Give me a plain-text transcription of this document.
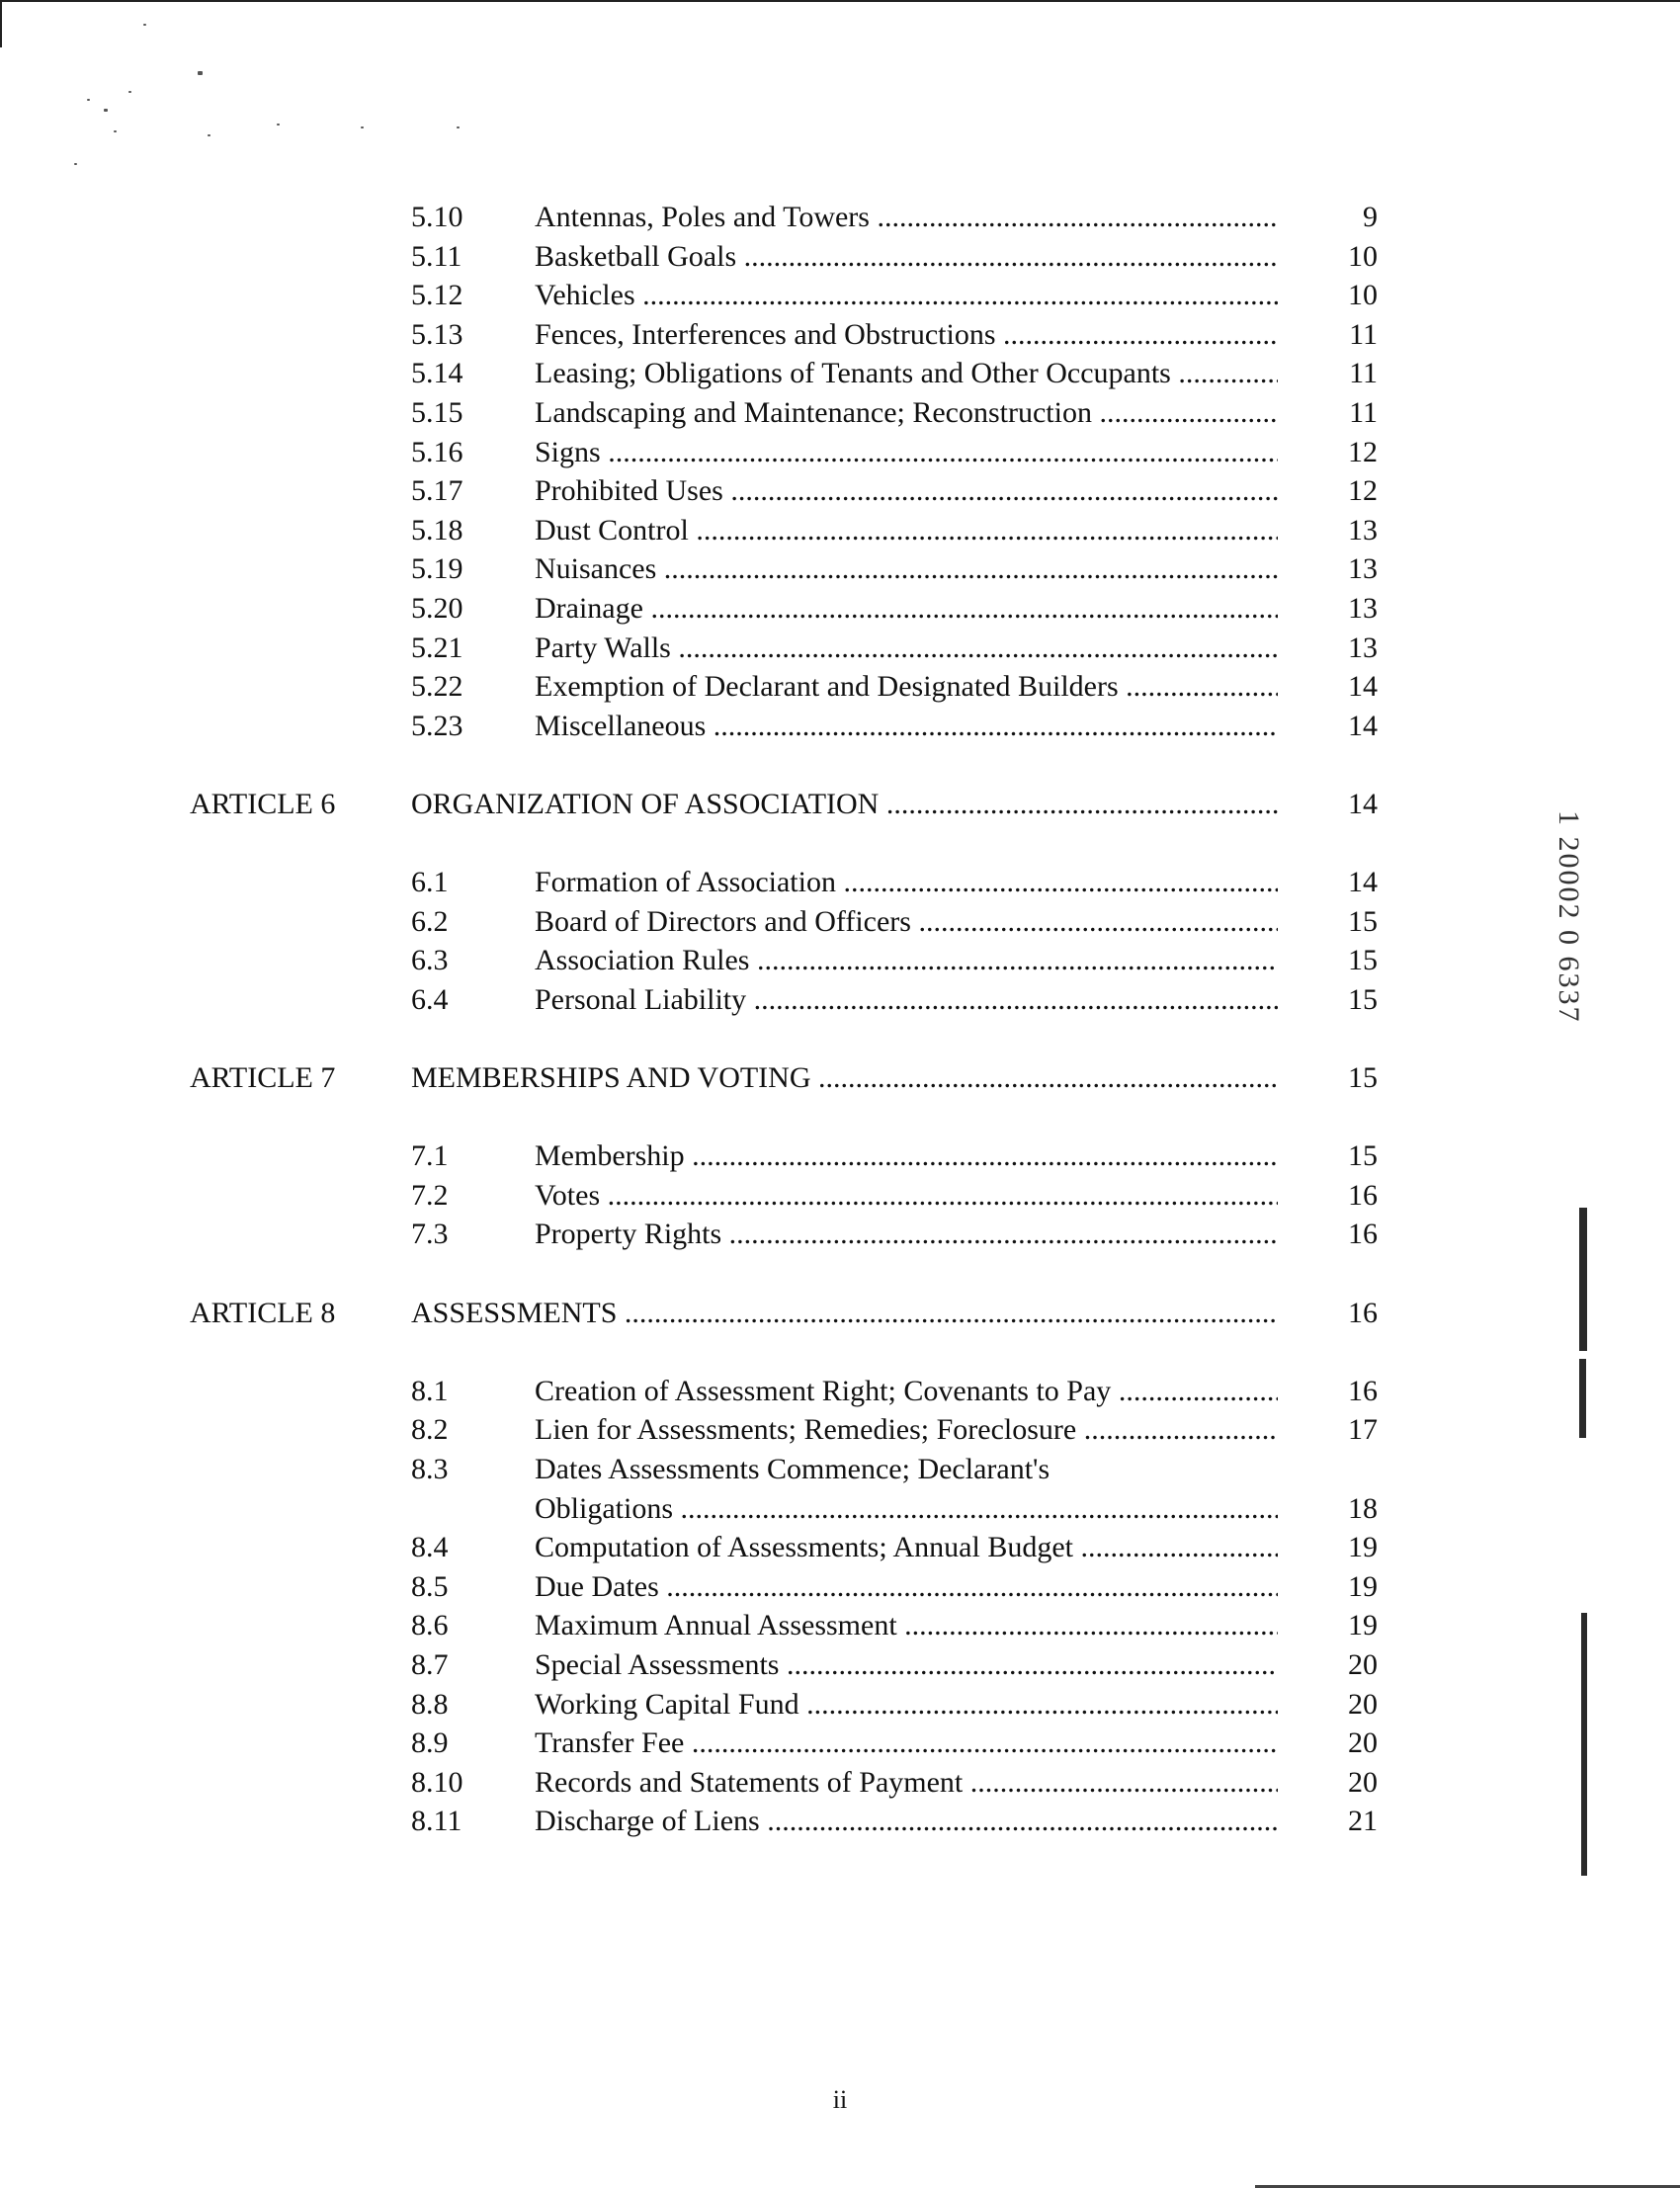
5.10 Antennas, Poles and Towers .....	9
5.11 Basketball Goals .....	10
5.12 Vehicles .....	10
5.13 Fences, Interferences and Obstructions .....	11
5.14 Leasing; Obligations of Tenants and Other Occupants .....	11
5.15 Landscaping and Maintenance; Reconstruction .....	11
5.16 Signs .....	12
5.17 Prohibited Uses .....	12
5.18 Dust Control .....	13
5.19 Nuisances .....	13
5.20 Drainage .....	13
5.21 Party Walls .....	13
5.22 Exemption of Declarant and Designated Builders .....	14
5.23 Miscellaneous .....	14
ARTICLE 6	ORGANIZATION OF ASSOCIATION .....	14
6.1	Formation of Association .....	14
6.2	Board of Directors and Officers .....	15
6.3	Association Rules .....	15
6.4	Personal Liability .....	15
ARTICLE 7	MEMBERSHIPS AND VOTING .....	15
7.1	Membership .....	15
7.2	Votes .....	16
7.3	Property Rights .....	16
ARTICLE 8	ASSESSMENTS .....	16
8.1	Creation of Assessment Right; Covenants to Pay .....	16
8.2	Lien for Assessments; Remedies; Foreclosure .....	17
8.3	Dates Assessments Commence; Declarant's
Obligations .....	18
8.4	Computation of Assessments; Annual Budget .....	19
8.5	Due Dates .....	19
8.6	Maximum Annual Assessment .....	19
8.7	Special Assessments .....	20
8.8	Working Capital Fund .....	20
8.9	Transfer Fee .....	20
8.10 Records and Statements of Payment .....	20
8.11 Discharge of Liens .....	21
ii
1 20002 0 6337
